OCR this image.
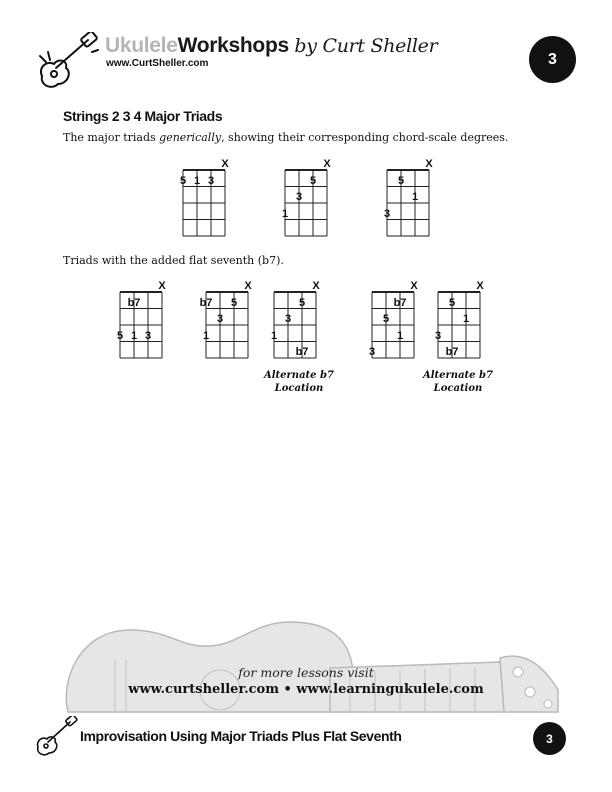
UkuleleWorkshops by Curt Sheller
www.CurtSheller.com	3
Strings 2 3 4 Major Triads
The major triads generically, showing their corresponding chord-scale degrees.
X
5 1 3
X
5
3
1
X
5
1
3
Triads with the added flat seventh (b7).
X
b7
5 1 3
X
b7 5
3
1
X
5
3
1
b7
Alternate b7
Location
X
b7
5
1
3
X
5
1
3
b7
Alternate b7
Location
for more lessons visit
www.curtsheller.com • www.learningukulele.com
Improvisation Using Major Triads Plus Flat Seventh	3
